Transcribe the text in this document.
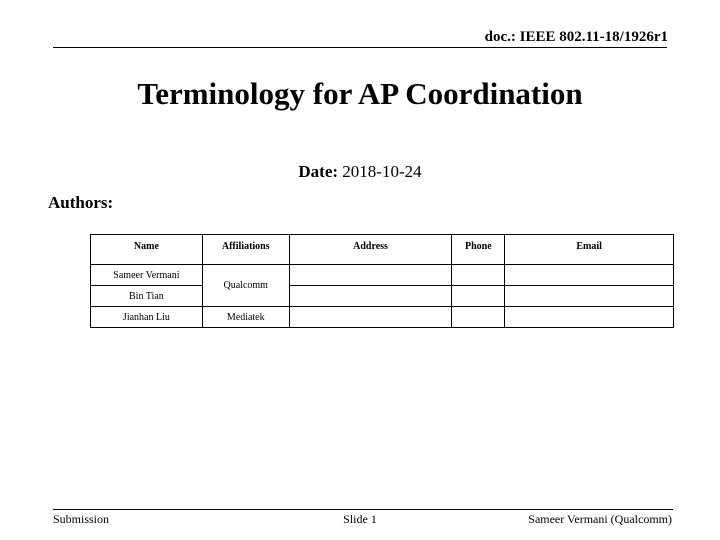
doc.: IEEE 802.11-18/1926r1
Terminology for AP Coordination
Date: 2018-10-24
Authors:
Name	Affiliations	Address	Phone	Email
Sameer Vermani	Qualcomm			
Bin Tian				
Jianhan Liu	Mediatek			
Submission	Slide 1	Sameer Vermani (Qualcomm)
